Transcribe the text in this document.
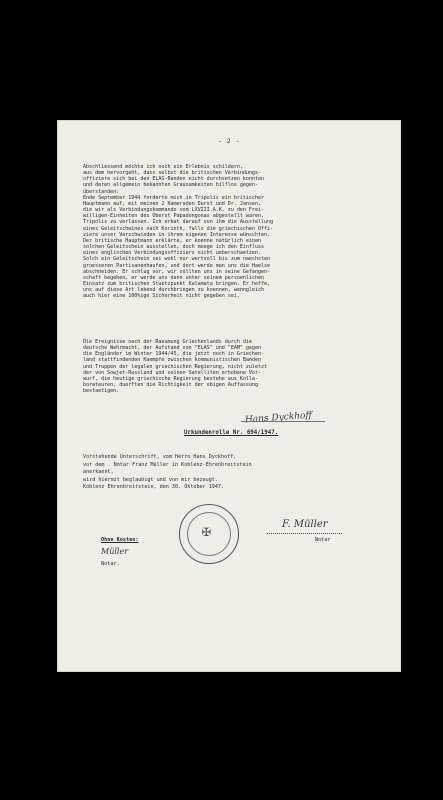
- 2 -
Abschliessend möchte ich noch ein Erlebnis schildern,
aus dem hervorgeht, dass selbst die britischen Verbindungs-
offiziere sich bei den ELAS-Banden nicht durchsetzen konnten
und deren allgemein bekannten Grausamkeiten hilflos gegen-
überstanden:
Ende September 1944 forderte mich in Tripolis ein britischer
Hauptmann auf, mit meinen 2 Kameraden Durst und Dr. Jansen,
die wir als Verbindungskommando vom LXVIII.A.K. zu den Frei-
willigen-Einheiten des Oberst Papadongonas abgestellt waren,
Tripolis zu verlassen. Ich erbat darauf von ihm die Ausstellung
eines Geleitscheines nach Korinth, falls die griechischen Offi-
ziere unser Verschwinden in ihrem eigenen Interesse wünschten.
Der britische Hauptmann erklärte, er koenne natürlich einen
solchen Geleitschein ausstellen, doch moege ich den Einfluss
eines englischen Verbindungsoffiziers nicht ueberschaetzen.
Solch ein Geleitschein sei wohl nur wertvoll bis zum naechsten
groesseren Partisanenhaufen, und dort werde man uns die Haelse
abschneiden. Er schlug vor, wir sollten uns in seine Gefangen-
schaft begeben, er werde uns dann unter seinem persoenlichen
Einsatz zum britischen Stuetzpunkt Kalamata bringen. Er hoffe,
uns auf diese Art lebend durchbringen zu koennen, wenngleich
auch hier eine 100%ige Sicherheit nicht gegeben sei.
Die Ereignisse nach der Raeumung Griechenlands durch die
deutsche Wehrmacht, der Aufstand von "ELAS" und "EAM" gegen
die Engländer im Winter 1944/45, die jetzt noch in Griechen-
land stattfindenden Kaempfe zwischen kommunistischen Banden
und Truppen der legalen griechischen Regierung, nicht zuletzt
der von Sowjet-Russland und seinen Satelliten erhobene Vor-
wurf, die heutige griechische Regierung bestehe aus Kolla-
borateuren, duerften die Richtigkeit der obigen Auffassung
bestaetigen.
Hans Dyckhoff
Urkundenrolle Nr. 694/1947.
Vorstehende Unterschrift, vom Herrn Hans Dyckhoff,
vor dem . Notar Franz Müller in Koblenz-Ehrenbreitstein
anerkannt,
wird hiermit beglaubigt und von mir bezeugt.
Koblenz Ehrenbreitstein, den 30. Oktober 1947.
✠	F. Müller
Notar
Ohne Kosten:
Müller
Notar.
